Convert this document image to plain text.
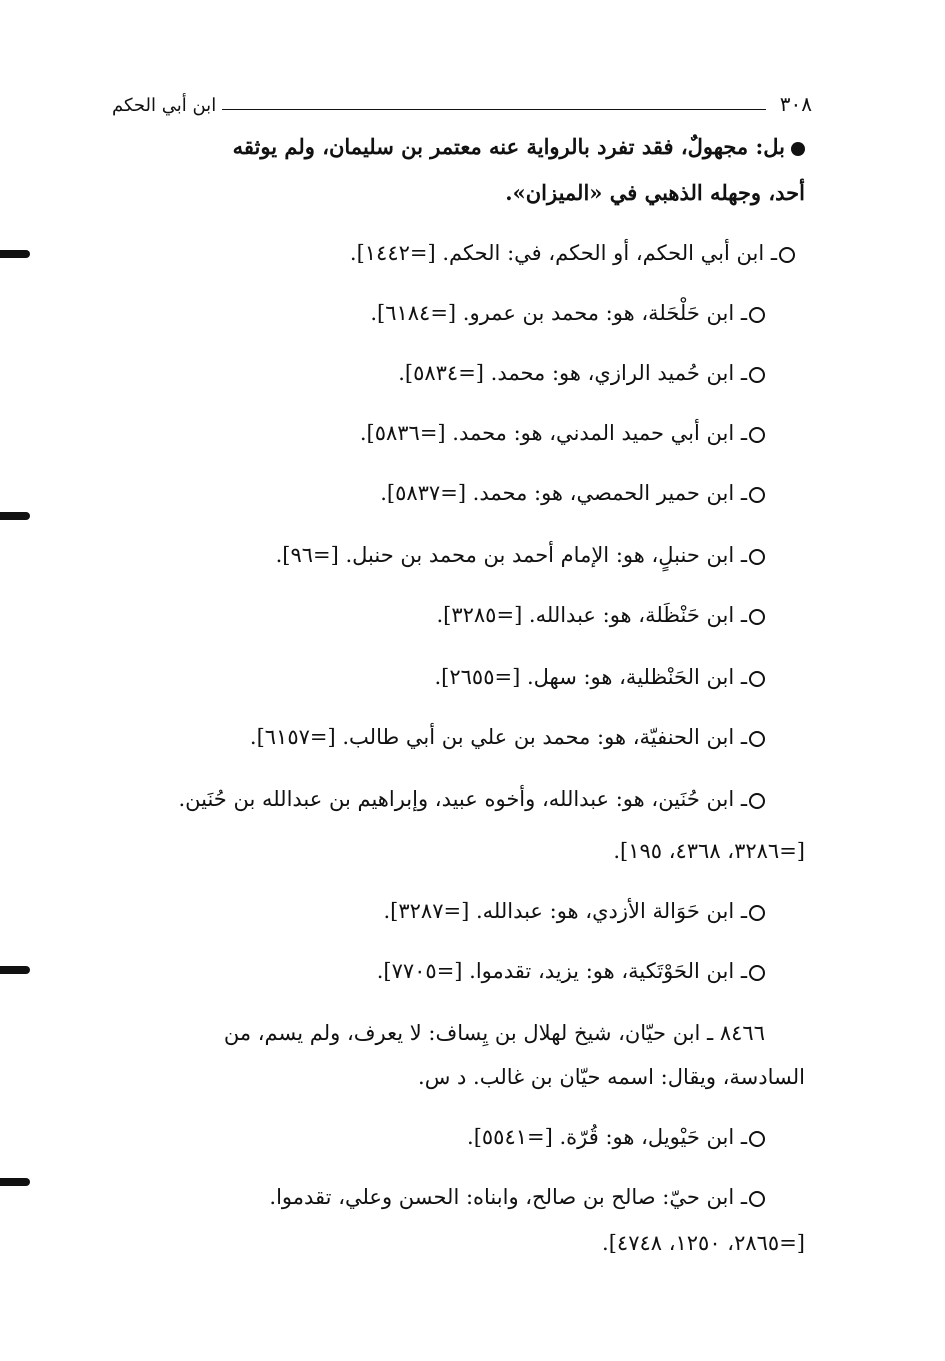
٣٠٨
ابن أبي الحكم
بل: مجهولٌ، فقد تفرد بالرواية عنه معتمر بن سليمان، ولم يوثقه
أحد، وجهله الذهبي في «الميزان».
ـ ابن أبي الحكم، أو الحكم، في: الحكم. [=١٤٤٢].
ـ ابن حَلْحَلة، هو: محمد بن عمرو. [=٦١٨٤].
ـ ابن حُميد الرازي، هو: محمد. [=٥٨٣٤].
ـ ابن أبي حميد المدني، هو: محمد. [=٥٨٣٦].
ـ ابن حمير الحمصي، هو: محمد. [=٥٨٣٧].
ـ ابن حنبلٍ، هو: الإمام أحمد بن محمد بن حنبل. [=٩٦].
ـ ابن حَنْظَلة، هو: عبدالله. [=٣٢٨٥].
ـ ابن الحَنْظلية، هو: سهل. [=٢٦٥٥].
ـ ابن الحنفيّة، هو: محمد بن علي بن أبي طالب. [=٦١٥٧].
ـ ابن حُنَين، هو: عبدالله، وأخوه عبيد، وإبراهيم بن عبدالله بن حُنَين.
[=٣٢٨٦، ٤٣٦٨، ١٩٥].
ـ ابن حَوَالة الأزدي، هو: عبدالله. [=٣٢٨٧].
ـ ابن الحَوْتَكية، هو: يزيد، تقدموا. [=٧٧٠٥].
٨٤٦٦ ـ ابن حيّان، شيخ لهلال بن يِساف: لا يعرف، ولم يسم، من
السادسة، ويقال: اسمه حيّان بن غالب. د س.
ـ ابن حَيْويل، هو: قُرّة. [=٥٥٤١].
ـ ابن حيّ: صالح بن صالح، وابناه: الحسن وعلي، تقدموا.
[=٢٨٦٥، ١٢٥٠، ٤٧٤٨].
